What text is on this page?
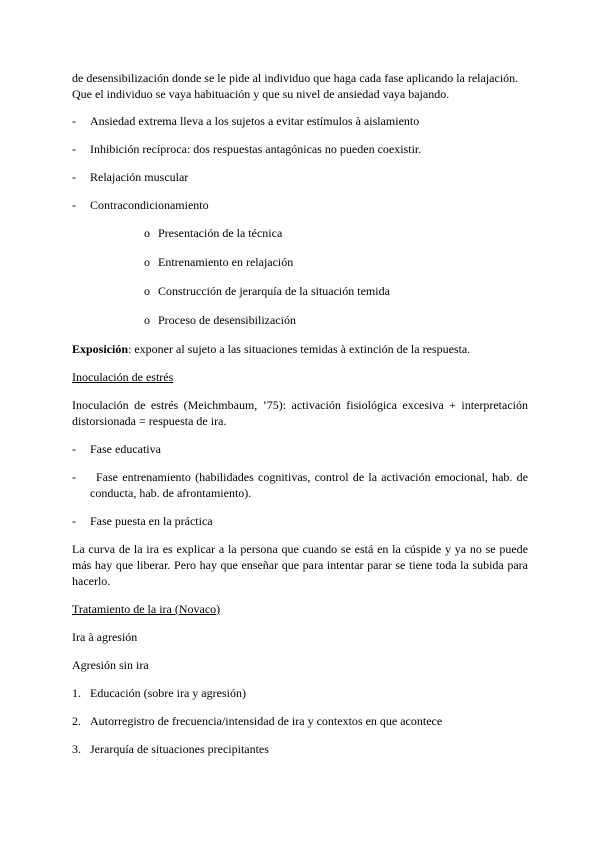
de desensibilización donde se le pide al individuo que haga cada fase aplicando la relajación. Que el individuo se vaya habituación y que su nivel de ansiedad vaya bajando.

- Ansiedad extrema lleva a los sujetos a evitar estímulos à aislamiento
- Inhibición recíproca: dos respuestas antagónicas no pueden coexistir.
- Relajación muscular
- Contracondicionamiento
o Presentación de la técnica
o Entrenamiento en relajación
o Construcción de jerarquía de la situación temida
o Proceso de desensibilización

Exposición: exponer al sujeto a las situaciones temidas à extinción de la respuesta.

Inoculación de estrés

Inoculación de estrés (Meichmbaum, ’75): activación fisiológica excesiva + interpretación distorsionada = respuesta de ira.

- Fase educativa
-	Fase entrenamiento (habilidades cognitivas, control de la activación emocional, hab. de conducta, hab. de afrontamiento).
- Fase puesta en la práctica

La curva de la ira es explicar a la persona que cuando se está en la cúspide y ya no se puede más hay que liberar. Pero hay que enseñar que para intentar parar se tiene toda la subida para hacerlo.

Tratamiento de la ira (Novaco)

Ira à agresión

Agresión sin ira

1. Educación (sobre ira y agresión)
2. Autorregistro de frecuencia/intensidad de ira y contextos en que acontece
3. Jerarquía de situaciones precipitantes
